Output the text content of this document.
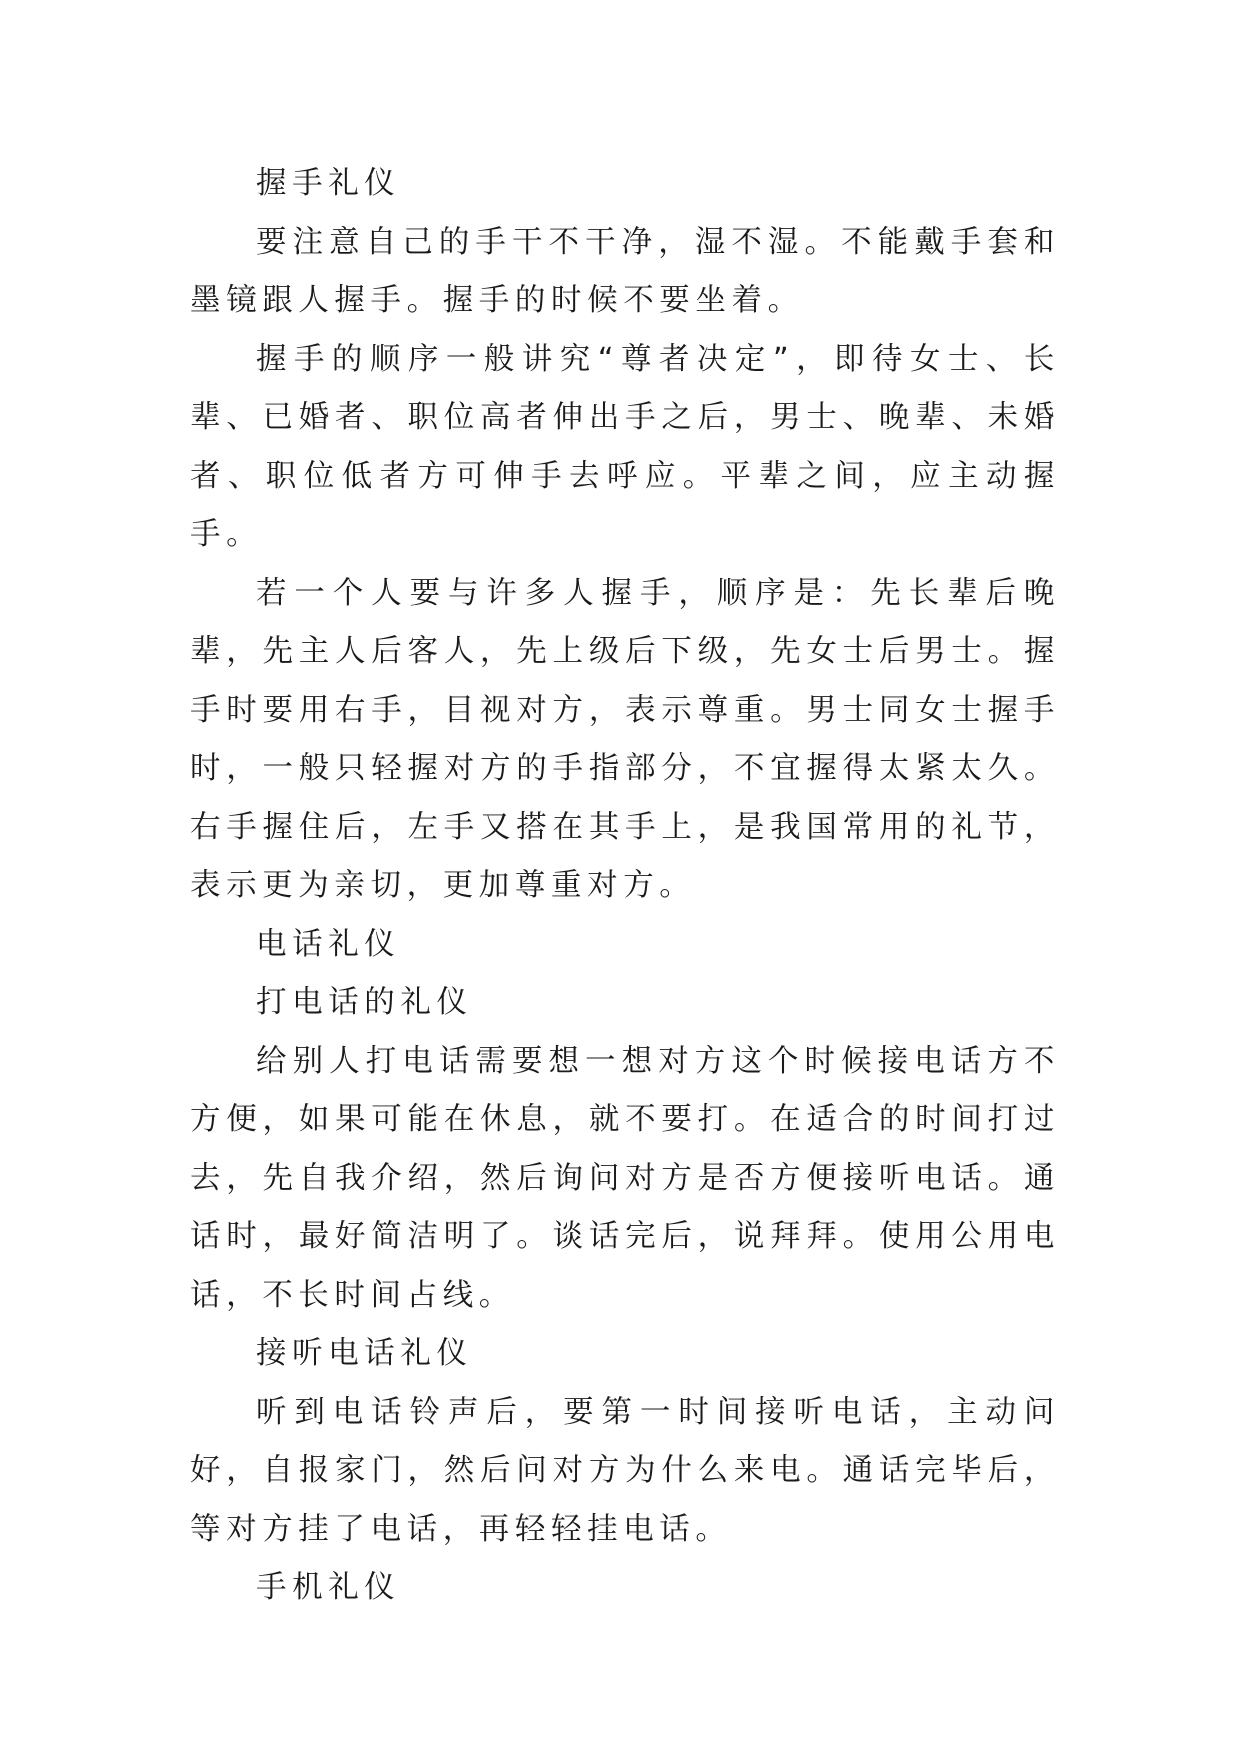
握手礼仪

要注意自己的手干不干净，湿不湿。不能戴手套和墨镜跟人握手。握手的时候不要坐着。

握手的顺序一般讲究“尊者决定”，即待女士、长辈、已婚者、职位高者伸出手之后，男士、晚辈、未婚者、职位低者方可伸手去呼应。平辈之间，应主动握手。

若一个人要与许多人握手，顺序是：先长辈后晚辈，先主人后客人，先上级后下级，先女士后男士。握手时要用右手，目视对方，表示尊重。男士同女士握手时，一般只轻握对方的手指部分，不宜握得太紧太久。右手握住后，左手又搭在其手上，是我国常用的礼节，表示更为亲切，更加尊重对方。

电话礼仪
打电话的礼仪

给别人打电话需要想一想对方这个时候接电话方不方便，如果可能在休息，就不要打。在适合的时间打过去，先自我介绍，然后询问对方是否方便接听电话。通话时，最好简洁明了。谈话完后，说拜拜。使用公用电话，不长时间占线。

接听电话礼仪

听到电话铃声后，要第一时间接听电话，主动问好，自报家门，然后问对方为什么来电。通话完毕后，等对方挂了电话，再轻轻挂电话。

手机礼仪
